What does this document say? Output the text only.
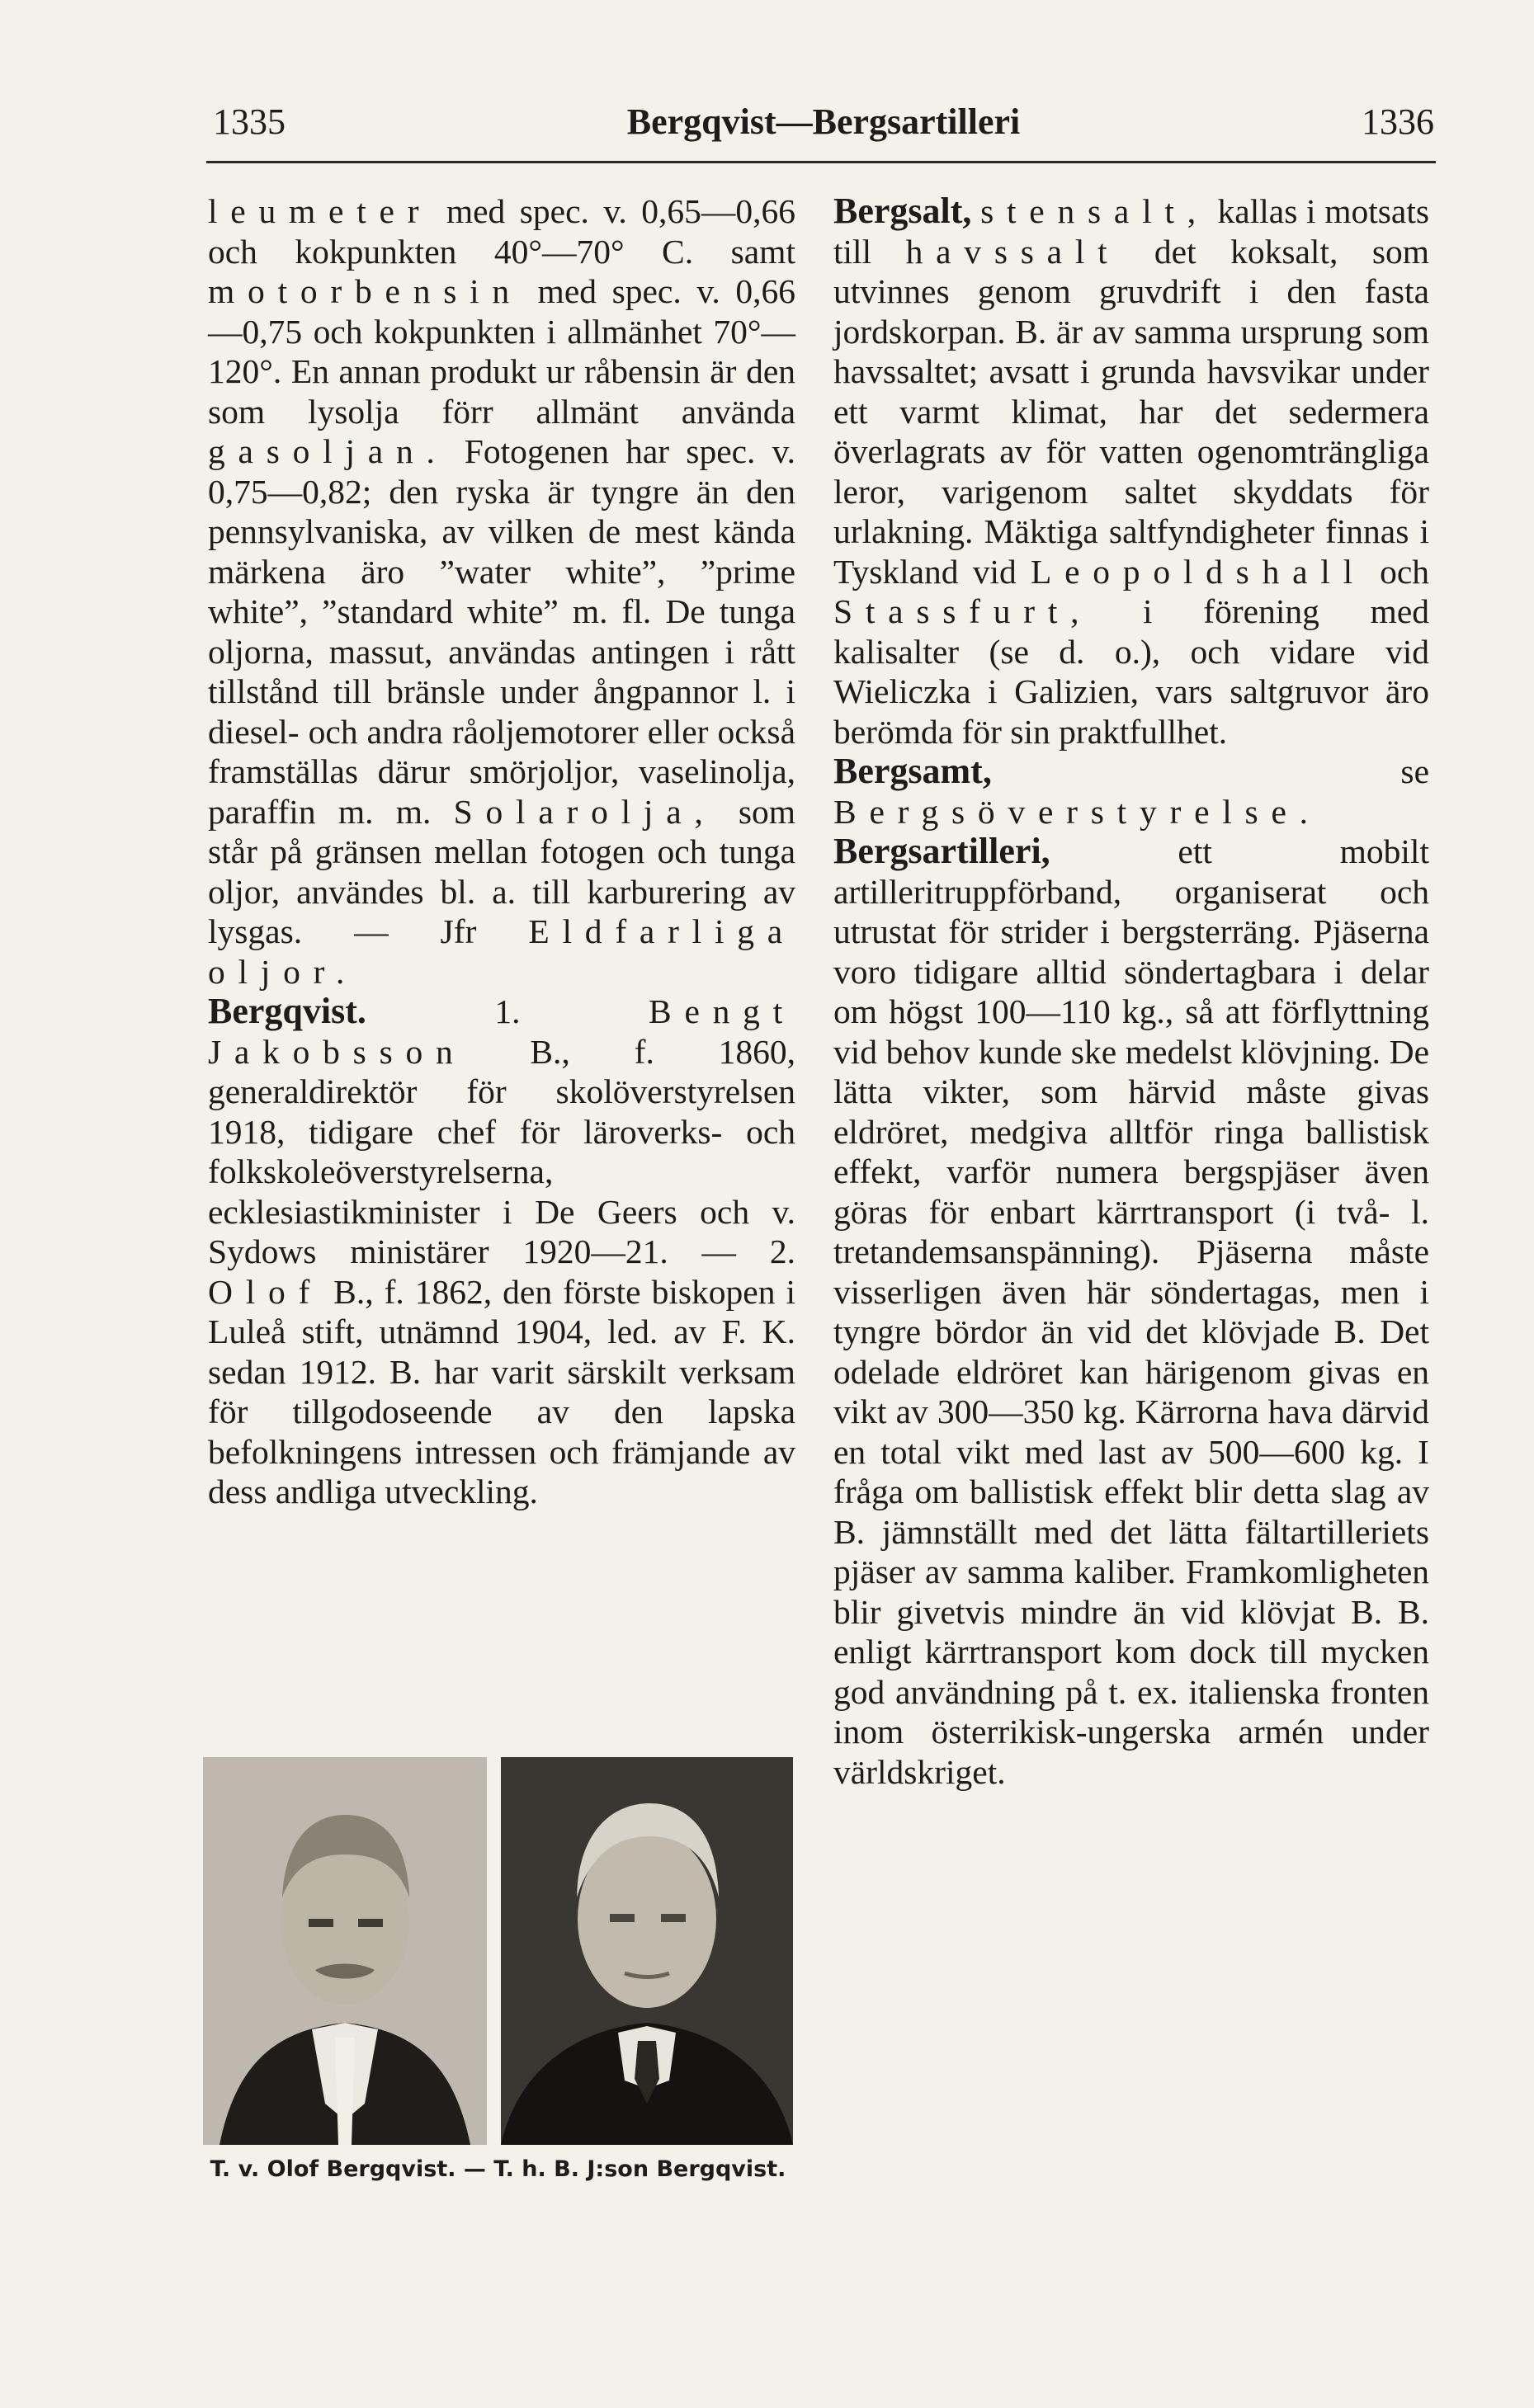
1335	Bergqvist—Bergsartilleri	1336

leumeter med spec. v. 0,65—0,66 och kokpunkten 40°—70° C. samt motorbensin med spec. v. 0,66—0,75 och kokpunkten i allmänhet 70°—120°. En annan produkt ur råbensin är den som lysolja förr allmänt använda gasoljan. Fotogenen har spec. v. 0,75—0,82; den ryska är tyngre än den pennsylvaniska, av vilken de mest kända märkena äro ”water white”, ”prime white”, ”standard white” m. fl. De tunga oljorna, massut, användas antingen i rått tillstånd till bränsle under ångpannor l. i diesel- och andra råoljemotorer eller också framställas därur smörjoljor, vaselinolja, paraffin m. m. Solarolja, som står på gränsen mellan fotogen och tunga oljor, användes bl. a. till karburering av lysgas. — Jfr Eldfarliga oljor.

Bergqvist. 1. Bengt Jakobsson B., f. 1860, generaldirektör för skolöverstyrelsen 1918, tidigare chef för läroverks- och folkskoleöverstyrelserna, ecklesiastikminister i De Geers och v. Sydows ministärer 1920—21. — 2. Olof B., f. 1862, den förste biskopen i Luleå stift, utnämnd 1904, led. av F. K. sedan 1912. B. har varit särskilt verksam för tillgodoseende av den lapska befolkningens intressen och främjande av dess andliga utveckling.

T. v. Olof Bergqvist. — T. h. B. J:son Bergqvist.

Bergsalt, stensalt, kallas i motsats till havssalt det koksalt, som utvinnes genom gruvdrift i den fasta jordskorpan. B. är av samma ursprung som havssaltet; avsatt i grunda havsvikar under ett varmt klimat, har det sedermera överlagrats av för vatten ogenomträngliga leror, varigenom saltet skyddats för urlakning. Mäktiga saltfyndigheter finnas i Tyskland vid Leopoldshall och Stassfurt, i förening med kalisalter (se d. o.), och vidare vid Wieliczka i Galizien, vars saltgruvor äro berömda för sin praktfullhet.

Bergsamt, se Bergsöverstyrelse.

Bergsartilleri, ett mobilt artilleritruppförband, organiserat och utrustat för strider i bergsterräng. Pjäserna voro tidigare alltid söndertagbara i delar om högst 100—110 kg., så att förflyttning vid behov kunde ske medelst klövjning. De lätta vikter, som härvid måste givas eldröret, medgiva alltför ringa ballistisk effekt, varför numera bergspjäser även göras för enbart kärrtransport (i två- l. tretandemsanspänning). Pjäserna måste visserligen även här söndertagas, men i tyngre bördor än vid det klövjade B. Det odelade eldröret kan härigenom givas en vikt av 300—350 kg. Kärrorna hava därvid en total vikt med last av 500—600 kg. I fråga om ballistisk effekt blir detta slag av B. jämnställt med det lätta fältartilleriets pjäser av samma kaliber. Framkomligheten blir givetvis mindre än vid klövjat B. B. enligt kärrtransport kom dock till mycken god användning på t. ex. italienska fronten inom österrikisk-ungerska armén under världskriget.
